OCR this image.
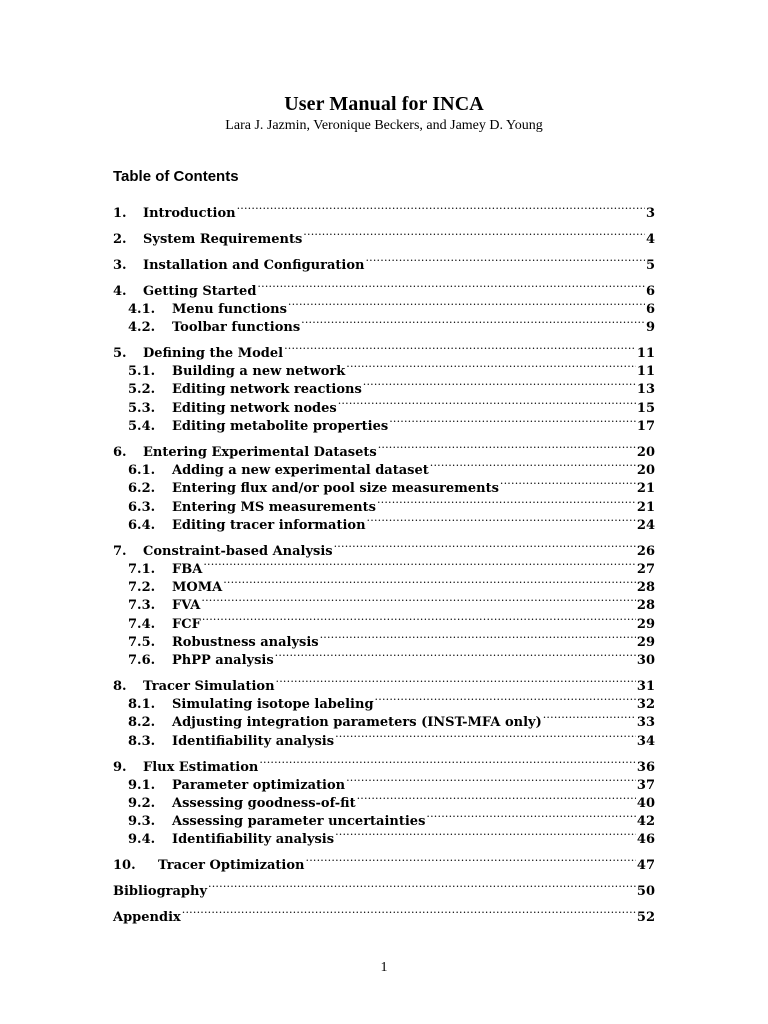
User Manual for INCA
Lara J. Jazmin, Veronique Beckers, and Jamey D. Young
Table of Contents
1.	Introduction .....	3
2.	System Requirements .....	4
3.	Installation and Configuration .....	5
4.	Getting Started .....	6
4.1.	Menu functions .....	6
4.2.	Toolbar functions .....	9
5.	Defining the Model .....	11
5.1.	Building a new network .....	11
5.2.	Editing network reactions .....	13
5.3.	Editing network nodes .....	15
5.4.	Editing metabolite properties .....	17
6.	Entering Experimental Datasets .....	20
6.1.	Adding a new experimental dataset .....	20
6.2.	Entering flux and/or pool size measurements .....	21
6.3.	Entering MS measurements .....	21
6.4.	Editing tracer information .....	24
7.	Constraint-based Analysis .....	26
7.1.	FBA .....	27
7.2.	MOMA .....	28
7.3.	FVA .....	28
7.4.	FCF .....	29
7.5.	Robustness analysis .....	29
7.6.	PhPP analysis .....	30
8.	Tracer Simulation .....	31
8.1.	Simulating isotope labeling .....	32
8.2.	Adjusting integration parameters (INST-MFA only) .....	33
8.3.	Identifiability analysis .....	34
9.	Flux Estimation .....	36
9.1.	Parameter optimization .....	37
9.2.	Assessing goodness-of-fit .....	40
9.3.	Assessing parameter uncertainties .....	42
9.4.	Identifiability analysis .....	46
10.	Tracer Optimization .....	47
Bibliography .....	50
Appendix .....	52
1
